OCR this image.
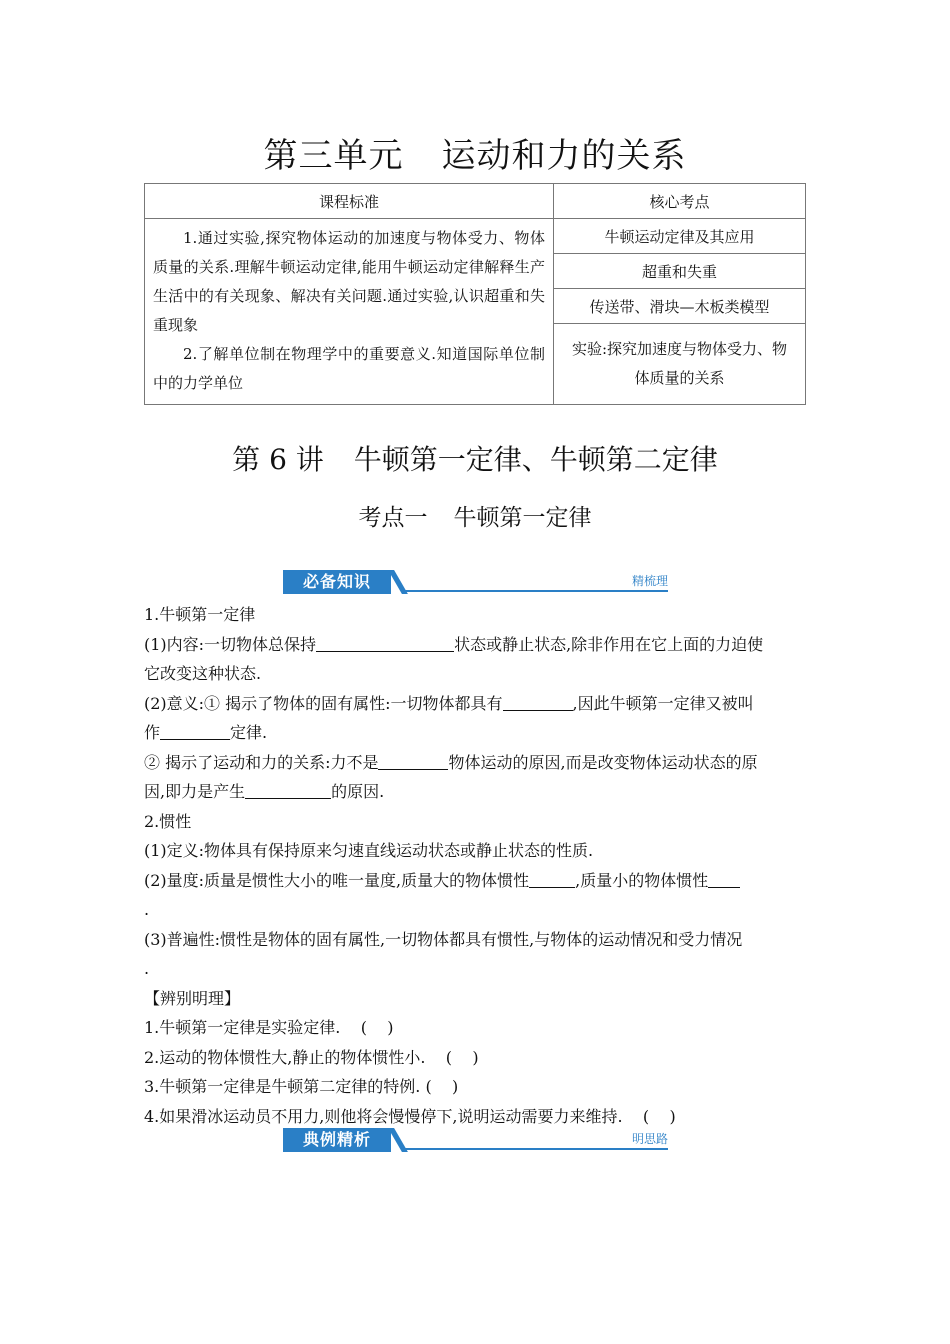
第三单元 运动和力的关系
课程标准	核心考点

1.通过实验,探究物体运动的加速度与物体受力、物体质量的关系.理解牛顿运动定律,能用牛顿运动定律解释生产生活中的有关现象、解决有关问题.通过实验,认识超重和失重现象

2.了解单位制在物理学中的重要意义.知道国际单位制中的力学单位	牛顿运动定律及其应用
	超重和失重
	传送带、滑块—木板类模型
	实验:探究加速度与物体受力、物体质量的关系
第 6 讲 牛顿第一定律、牛顿第二定律
考点一 牛顿第一定律
必备知识	精梳理

1.牛顿第一定律

(1)内容:一切物体总保持	状态或静止状态,除非作用在它上面的力迫使

它改变这种状态.

(2)意义:① 揭示了物体的固有属性:一切物体都具有	,因此牛顿第一定律又被叫

作	定律.

② 揭示了运动和力的关系:力不是	物体运动的原因,而是改变物体运动状态的原

因,即力是产生	的原因.

2.惯性

(1)定义:物体具有保持原来匀速直线运动状态或静止状态的性质.

(2)量度:质量是惯性大小的唯一量度,质量大的物体惯性	,质量小的物体惯性

.

(3)普遍性:惯性是物体的固有属性,一切物体都具有惯性,与物体的运动情况和受力情况

.

【辨别明理】

1.牛顿第一定律是实验定律.    (    )

2.运动的物体惯性大,静止的物体惯性小.    (    )

3.牛顿第一定律是牛顿第二定律的特例. (    )

4.如果滑冰运动员不用力,则他将会慢慢停下,说明运动需要力来维持.    (    )

典例精析	明思路
